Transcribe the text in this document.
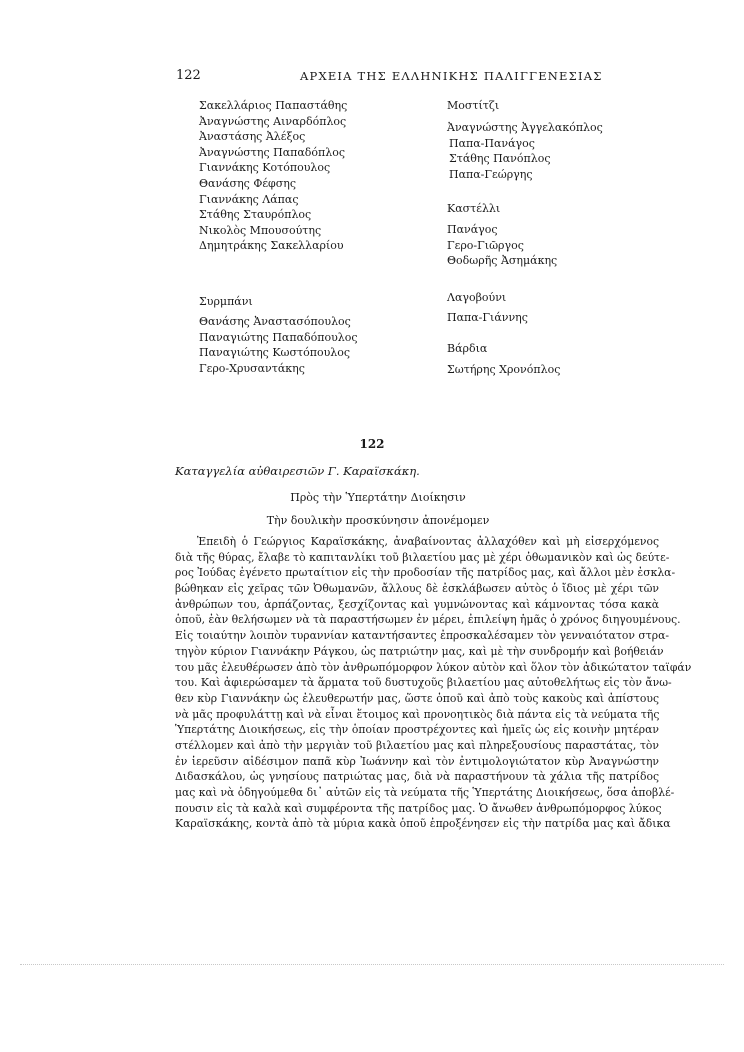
122	ΑΡΧΕΙΑ ΤΗΣ ΕΛΛΗΝΙΚΗΣ ΠΑΛΙΓΓΕΝΕΣΙΑΣ
Σακελλάριος Παπαστάθης
Ἀναγνώστης Αιναρδόπλος
Ἀναστάσης Ἀλέξος
Ἀναγνώστης Παπαδόπλος
Γιαννάκης Κοτόπουλος
Θανάσης Φέφσης
Γιαννάκης Λάπας
Στάθης Σταυρόπλος
Νικολὸς Μπουσούτης
Δημητράκης Σακελλαρίου
Συρμπάνι
Θανάσης Ἀναστασόπουλος
Παναγιώτης Παπαδόπουλος
Παναγιώτης Κωστόπουλος
Γερο-Χρυσαντάκης
Μοστίτζι
Ἀναγνώστης Ἀγγελακόπλος
Παπα-Πανάγος
Στάθης Πανόπλος
Παπα-Γεώργης
Καστέλλι
Πανάγος
Γερο-Γιῶργος
Θοδωρῆς Ἀσημάκης
Λαγοβούνι
Παπα-Γιάννης
Βάρδια
Σωτήρης Χρονόπλος
122
Καταγγελία αὐθαιρεσιῶν Γ. Καραϊσκάκη.
Πρὸς τὴν Ὑπερτάτην Διοίκησιν
Τὴν δουλικὴν προσκύνησιν ἀπονέμομεν
Ἐπειδὴ ὁ Γεώργιος Καραϊσκάκης, ἀναβαίνοντας ἀλλαχόθεν καὶ μὴ εἰσερχόμενος
διὰ τῆς θύρας, ἔλαβε τὸ καπιτανλίκι τοῦ βιλαετίου μας μὲ χέρι ὀθωμανικὸν καὶ ὡς δεύτε-
ρος Ἰούδας ἐγένετο πρωταίτιον εἰς τὴν προδοσίαν τῆς πατρίδος μας, καὶ ἄλλοι μὲν ἐσκλα-
βώθηκαν εἰς χεῖρας τῶν Ὀθωμανῶν, ἄλλους δὲ ἐσκλάβωσεν αὐτὸς ὁ ἴδιος μὲ χέρι τῶν
ἀνθρώπων του, ἁρπάζοντας, ξεσχίζοντας καὶ γυμνώνοντας καὶ κάμνοντας τόσα κακὰ
ὁποῦ, ἐὰν θελήσωμεν νὰ τὰ παραστήσωμεν ἐν μέρει, ἐπιλείψη ἡμᾶς ὁ χρόνος διηγουμένους.
Εἰς τοιαύτην λοιπὸν τυραννίαν καταντήσαντες ἐπροσκαλέσαμεν τὸν γενναιότατον στρα-
τηγὸν κύριον Γιαννάκην Ράγκου, ὡς πατριώτην μας, καὶ μὲ τὴν συνδρομήν καὶ βοήθειάν
του μᾶς ἐλευθέρωσεν ἀπὸ τὸν ἀνθρωπόμορφον λύκον αὐτὸν καὶ ὅλον τὸν ἀδικώτατον ταϊφάν
του. Καὶ ἀφιερώσαμεν τὰ ἅρματα τοῦ δυστυχοῦς βιλαετίου μας αὐτοθελήτως εἰς τὸν ἄνω-
θεν κὺρ Γιαννάκην ὡς ἐλευθερωτήν μας, ὥστε ὁποῦ καὶ ἀπὸ τοὺς κακοὺς καὶ ἀπίστους
νὰ μᾶς προφυλάττῃ καὶ νὰ εἶναι ἕτοιμος καὶ προνοητικὸς διὰ πάντα εἰς τὰ νεύματα τῆς
Ὑπερτάτης Διοικήσεως, εἰς τὴν ὁποίαν προστρέχοντες καὶ ἡμεῖς ὡς εἰς κοινὴν μητέραν
στέλλομεν καὶ ἀπὸ τὴν μεργιὰν τοῦ βιλαετίου μας καὶ πληρεξουσίους παραστάτας, τὸν
ἐν ἱερεῦσιν αἰδέσιμον παπᾶ κὺρ Ἰωάννην καὶ τὸν ἐντιμολογιώτατον κὺρ Ἀναγνώστην
Διδασκάλου, ὡς γνησίους πατριώτας μας, διὰ νὰ παραστήνουν τὰ χάλια τῆς πατρίδος
μας καὶ νὰ ὁδηγούμεθα δι᾽ αὐτῶν εἰς τὰ νεύματα τῆς Ὑπερτάτης Διοικήσεως, ὅσα ἀποβλέ-
πουσιν εἰς τὰ καλὰ καὶ συμφέροντα τῆς πατρίδος μας. Ὁ ἄνωθεν ἀνθρωπόμορφος λύκος
Καραϊσκάκης, κοντὰ ἀπὸ τὰ μύρια κακὰ ὁποῦ ἐπροξένησεν εἰς τὴν πατρίδα μας καὶ ἄδικα
